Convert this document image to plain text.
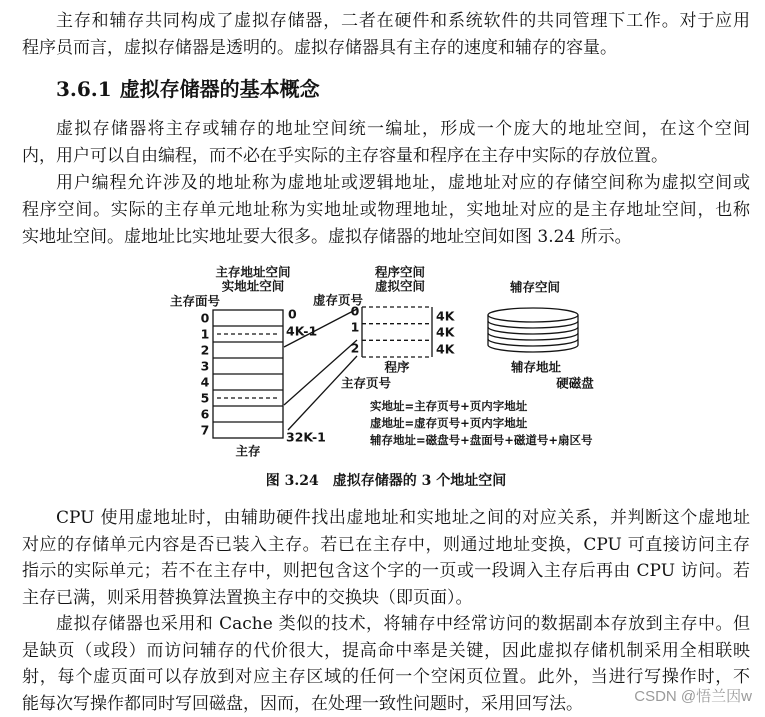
主存和辅存共同构成了虚拟存储器，二者在硬件和系统软件的共同管理下工作。对于应用
程序员而言，虚拟存储器是透明的。虚拟存储器具有主存的速度和辅存的容量。
3.6.1 虚拟存储器的基本概念
虚拟存储器将主存或辅存的地址空间统一编址，形成一个庞大的地址空间，在这个空间
内，用户可以自由编程，而不必在乎实际的主存容量和程序在主存中实际的存放位置。
用户编程允许涉及的地址称为虚地址或逻辑地址，虚地址对应的存储空间称为虚拟空间或
程序空间。实际的主存单元地址称为实地址或物理地址，实地址对应的是主存地址空间，也称
实地址空间。虚地址比实地址要大很多。虚拟存储器的地址空间如图 3.24 所示。
主存地址空间
实地址空间
主存面号
0
1
2
3
4
5
6
7
0
4K-1
32K-1
主存
程序空间
虚拟空间
虚存页号
0
1
2
4K
4K
4K
程序
主存页号
辅存空间
辅存地址
硬磁盘
实地址=主存页号+页内字地址
虚地址=虚存页号+页内字地址
辅存地址=磁盘号+盘面号+磁道号+扇区号
图 3.24 虚拟存储器的 3 个地址空间
CPU 使用虚地址时，由辅助硬件找出虚地址和实地址之间的对应关系，并判断这个虚地址
对应的存储单元内容是否已装入主存。若已在主存中，则通过地址变换，CPU 可直接访问主存
指示的实际单元；若不在主存中，则把包含这个字的一页或一段调入主存后再由 CPU 访问。若
主存已满，则采用替换算法置换主存中的交换块（即页面）。
虚拟存储器也采用和 Cache 类似的技术，将辅存中经常访问的数据副本存放到主存中。但
是缺页（或段）而访问辅存的代价很大，提高命中率是关键，因此虚拟存储机制采用全相联映
射，每个虚页面可以存放到对应主存区域的任何一个空闲页位置。此外，当进行写操作时，不
能每次写操作都同时写回磁盘，因而，在处理一致性问题时，采用回写法。	CSDN @悟兰因w
